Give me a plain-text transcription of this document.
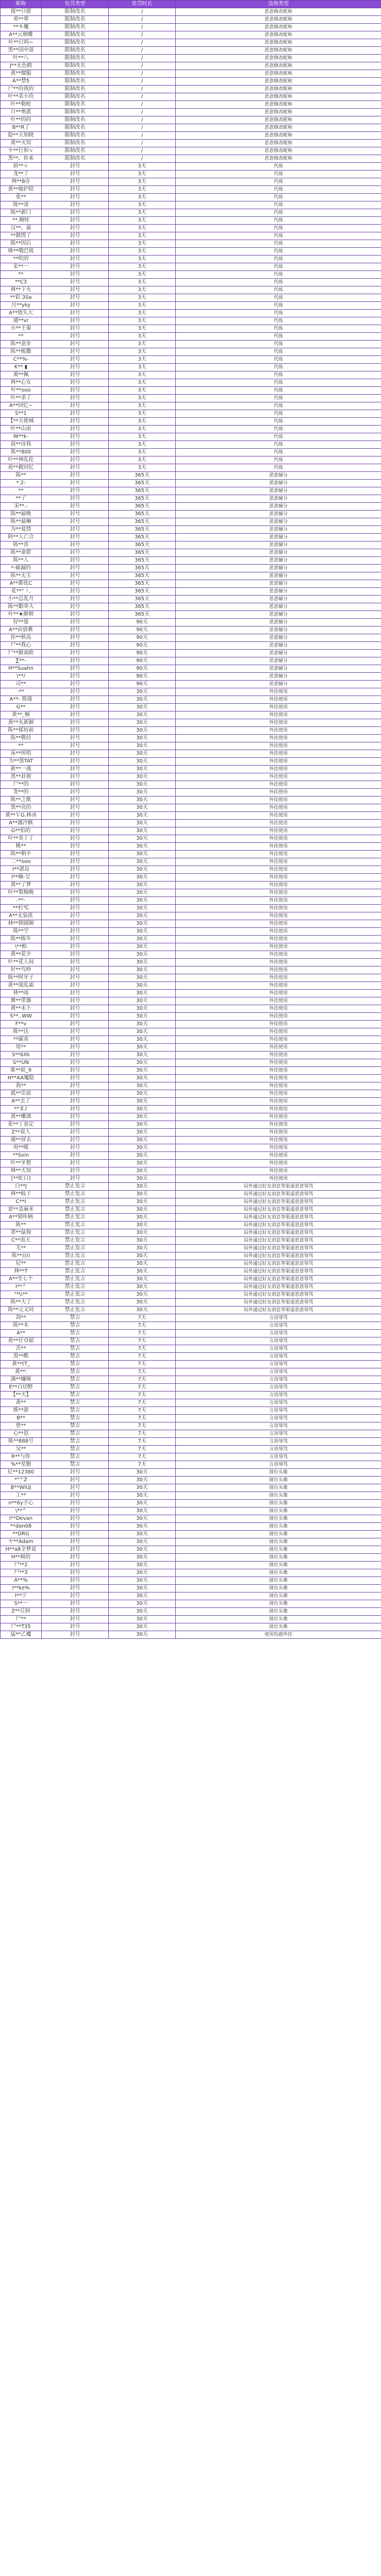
昵称	处罚类型	处罚时长	违规类型
搅**只猪	限制改名	/	恶意修改昵称
邓**翠	限制改名	/	恶意修改昵称
**キ魔	限制改名	/	恶意修改昵称
A**云朝蝶	限制改名	/	恶意修改昵称
叶**日吗~	限制改名	/	恶意修改昵称
黑**国中部	限制改名	/	恶意修改昵称
叶**八	限制改名	/	恶意修改昵称
J**无色鹤	限制改名	/	恶意修改昵称
黄**擅服	限制改名	/	恶意修改昵称
A**禁5	限制改名	/	恶意修改昵称
尸**的我的	限制改名	/	恶意修改昵称
叶**杀小玖	限制改名	/	恶意修改昵称
叶**勒蛇	限制改名	/	恶意修改昵称
日**奥派	限制改名	/	恶意修改昵称
叶**的的	限制改名	/	恶意修改昵称
B**R了	限制改名	/	恶意修改昵称
隐**天知晓	限制改名	/	恶意修改昵称
黄**灭知	限制改名	/	恶意修改昵称
ヤ**巨和ｖ	限制改名	/	恶意修改昵称
黑**、你来	限制改名	/	恶意修改昵称
眉**ｖ	封号	3天	代练
龙**了	封号	3天	代练
林**8办	封号	3天	代练
黄**她护陪	封号	3天	代练
张**	封号	3天	代练
陈**凌	封号	3天	代练
陈**新门	封号	3天	代练
**.婉哇	封号	3天	代练
汉**、最	封号	3天	代练
**做毁了	封号	3天	代练
陈**因后	封号	3天	代练
咪**哦巴圾	封号	3天	代练
**吹的	封号	3天	代练
宋**一	封号	3天	代练
**	封号	3天	代练
**C3	封号	3天	代练
林**下火	封号	3天	代练
**彩.3Sa	封号	3天	代练
月**yky	封号	3天	代练
A**烧失大	封号	3天	代练
通**vr	封号	3天	代练
小**王秦	封号	3天	代练
**	封号	3天	代练
陈**意步	封号	3天	代练
陈**梳撒	封号	3天	代练
C**%-	封号	3天	代练
K** ▮	封号	3天	代练
黄**佩	封号	3天	代练
林**心女	封号	3天	代练
叶**ooo	封号	3天	代练
叶**杀了	封号	3天	代练
A**回忆~	封号	3天	代练
S**1	封号	3天	代练
【**天使城	封号	3天	代练
叶**山雨	封号	3天	代练
W**k-	封号	3天	代练
晨**诗我	封号	3天	代练
陈**800	封号	3天	代练
叶**神乱伦	封号	3天	代练
夜**救回忆	封号	3天	代练
陈**	封号	365天	恶意辅分
*.2:	封号	365天	恶意辅分
**	封号	365天	恶意辅分
**了	封号	365天	恶意辅分
宋**.-	封号	365天	恶意辅分
陈**最晚	封号	365天	恶意辅分
陈**最嘛	封号	365天	恶意辅分
为**爱情	封号	365天	恶意辅分
阿**人亡合	封号	365天	恶意辅分
陈**喜	封号	365天	恶意辅分
陈**童群	封号	365天	恶意辅分
陈**人	封号	365天	恶意辅分
*-破漏的	封号	365天	恶意辅分
陈**无宝	封号	365天	恶意辅分
A**都优C	封号	365天	恶意辅分
花**"ヾ,	封号	365天	恶意辅分
小**总乱月	封号	365天	恶意辅分
陈**勤奉大	封号	365天	恶意辅分
叶**★颜朝	封号	365天	恶意辅分
好**量	封号	90天	恶意辅分
A**由放雅	封号	90天	恶意辅分
你**秋高	封号	90天	恶意辅分
尸**我心	封号	90天	恶意辅分
尸**做南欧	封号	90天	恶意辅分
∑**-	封号	90天	恶意辅分
H**Suahn	封号	90天	恶意辅分
\**/	封号	90天	恶意辅分
司**	封号	90天	恶意辅分
-**	封号	30天	外挂使用
A**- 简漫	封号	30天	外挂使用
G**	封号	30天	外挂使用
黄**_畅	封号	30天	外挂使用
黄**丸新颍	封号	30天	外挂使用
陈**郁坊前	封号	30天	外挂使用
陈**敬挂	封号	30天	外挂使用
**	封号	30天	外挂使用
床**所唱	封号	30天	外挂使用
为**黑TAT	封号	30天	外挂使用
新**一战	封号	30天	外挂使用
黑**卦朋	封号	30天	外挂使用
尸**的	封号	30天	外挂使用
寄**的	封号	30天	外挂使用
陈**之歌	封号	30天	外挂使用
黑**亮的	封号	30天	外挂使用
黄**ＶG.林冰	封号	30天	外挂使用
A**溺冷骸	封号	30天	外挂使用
G**拍的	封号	30天	外挂使用
叶**美丁丁	封号	30天	外挂使用
桃**	封号	30天	外挂使用
陈**朝不	封号	30天	外挂使用
二**ooo	封号	30天	外挂使用
I**诸岛	封号	30天	外挂使用
I**楠-呈	封号	30天	外挂使用
黄**了梦	封号	30天	外挂使用
叶**梨梅晚	封号	30天	外挂使用
-**-	封号	30天	外挂使用
**杉℃	封号	30天	外挂使用
A**无装扰	封号	30天	外挂使用
林**锁圆圈	封号	30天	外挂使用
陈**空	封号	30天	外挂使用
陈**陈年	封号	30天	外挂使用
\**帕	封号	30天	外挂使用
黄**花夕	封号	30天	外挂使用
叶**花人间	封号	30天	外挂使用
好**鸟吵	封号	30天	外挂使用
陈**阿牙子	封号	30天	外挂使用
黄**滚乱霜	封号	30天	外挂使用
林**雨	封号	30天	外挂使用
舞**带器	封号	30天	外挂使用
黄**未卜	封号	30天	外挂使用
S**..WW	封号	30天	外挂使用
F**v	封号	30天	外挂使用
陈**达	封号	30天	外挂使用
**碳查	封号	30天	外挂使用
用**	封号	30天	外挂使用
S**6Xk	封号	30天	外挂使用
S**UN	封号	30天	外挂使用
谁**前_9	封号	30天	外挂使用
H**AA魔隐	封号	30天	外挂使用
我**	封号	30天	外挂使用
孤**岳前	封号	30天	外挂使用
A**去了	封号	30天	外挂使用
**ま♪	封号	30天	外挂使用
黄**雕漓	封号	30天	外挂使用
张**丁卷定	封号	30天	外挂使用
Z**说人	封号	30天	外挂使用
通**屏去	封号	30天	外挂使用
用**暖	封号	30天	外挂使用
**Sxin	封号	30天	外挂使用
叶**牙想	封号	30天	外挂使用
林**天知	封号	30天	外挂使用
[**虹口]	封号	30天	外挂使用
白**J	禁止发言	30天	局外通过好友消息等渠道恶意辱骂
林**蚊子	禁止发言	30天	局外通过好友消息等渠道恶意辱骂
C**I	禁止发言	30天	局外通过好友消息等渠道恶意辱骂
雷**盖麻米	禁止发言	30天	局外通过好友消息等渠道恶意辱骂
A**锁咔柄	禁止发言	30天	局外通过好友消息等渠道恶意辱骂
陈**	禁止发言	30天	局外通过好友消息等渠道恶意辱骂
罩**鼠狗	禁止发言	30天	局外通过好友消息等渠道恶意辱骂
C**南天	禁止发言	30天	局外通过好友消息等渠道恶意辱骂
尤**	禁止发言	30天	局外通过好友消息等渠道恶意辱骂
陈**))))	禁止发言	30天	局外通过好友消息等渠道恶意辱骂
尼**	禁止发言	30天	局外通过好友消息等渠道恶意辱骂
林**T	禁止发言	30天	局外通过好友消息等渠道恶意辱骂
A**至七个	禁止发言	30天	局外通过好友消息等渠道恶意辱骂
I**^	禁止发言	30天	局外通过好友消息等渠道恶意辱骂
"*\\**	禁止发言	30天	局外通过好友消息等渠道恶意辱骂
陈**大了	禁止发言	30天	局外通过好友消息等渠道恶意辱骂
陈**元义同	禁止发言	30天	局外通过好友消息等渠道恶意辱骂
剑**	禁言	7天	言语辱骂
陈**木	禁言	7天	言语辱骂
A**	禁言	7天	言语辱骂
黄**仔卓硝	禁言	7天	言语辱骂
苦**	禁言	7天	言语辱骂
黑**酷	禁言	7天	言语辱骂
黄**(T_	禁言	7天	言语辱骂
黄**:	禁言	7天	言语辱骂
满**嫌咪	禁言	7天	言语辱骂
E**白切野	禁言	7天	言语辱骂
【**天】	禁言	7天	言语辱骂
黄**	禁言	7天	言语辱骂
熊**游	禁言	7天	言语辱骂
B**	禁言	7天	言语辱骂
曾**	禁言	7天	言语辱骂
心**思	禁言	7天	言语辱骂
陈**888号	禁言	7天	言语辱骂
吴**	禁言	7天	言语辱骂
R**与你	禁言	7天	言语辱骂
%**星胞	禁言	7天	言语辱骂
尼**12380	封号	30天	排位头像
*"^Z	封号	30天	排位头像
B**WIUJ	封号	30天	排位头像
工**	封号	30天	排位头像
n**6y予心	封号	30天	排位头像
\**^	封号	30天	排位头像
I**Devan	封号	30天	排位头像
**dan08	封号	30天	排位头像
**DRG	封号	30天	排位头像
ヤ**Adam	封号	30天	排位头像
H**a8全梦说	封号	30天	排位头像
H**倾的	封号	30天	排位头像
尸**2	封号	30天	排位头像
尸**3	封号	30天	排位头像
A**%	封号	30天	排位头像
I**ke%	封号	30天	排位头像
I**宁	封号	30天	排位头像
S**一	封号	30天	排位头像
Z**丘阿	封号	30天	排位头像
尸**	封号	30天	排位头像
尸**T35	封号	30天	排位头像
猛**乙魔	封号	30天	使用伤感外挂
